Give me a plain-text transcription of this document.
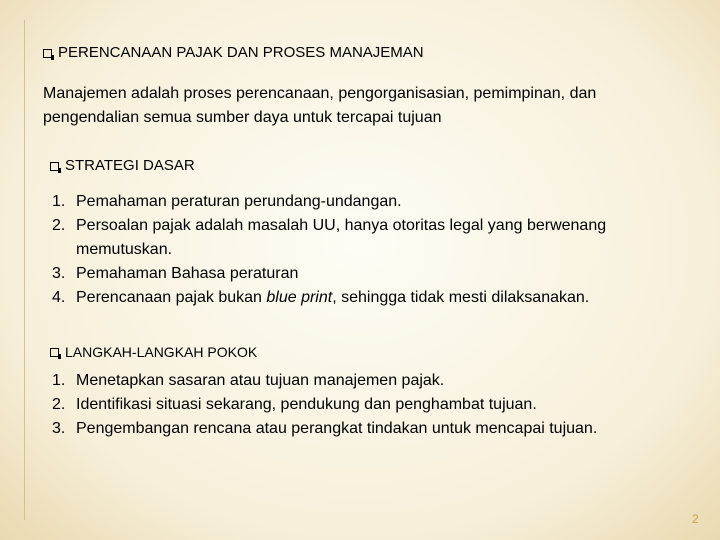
PERENCANAAN PAJAK DAN PROSES MANAJEMAN
Manajemen adalah proses perencanaan, pengorganisasian, pemimpinan, dan pengendalian semua sumber daya untuk tercapai tujuan
STRATEGI DASAR
1. Pemahaman peraturan perundang-undangan.
2. Persoalan pajak adalah masalah UU, hanya otoritas legal yang berwenang memutuskan.
3. Pemahaman Bahasa peraturan
4. Perencanaan pajak bukan blue print, sehingga tidak mesti dilaksanakan.
LANGKAH-LANGKAH POKOK
1. Menetapkan sasaran atau tujuan manajemen pajak.
2. Identifikasi situasi sekarang, pendukung dan penghambat tujuan.
3. Pengembangan rencana atau perangkat tindakan untuk mencapai tujuan.
2
